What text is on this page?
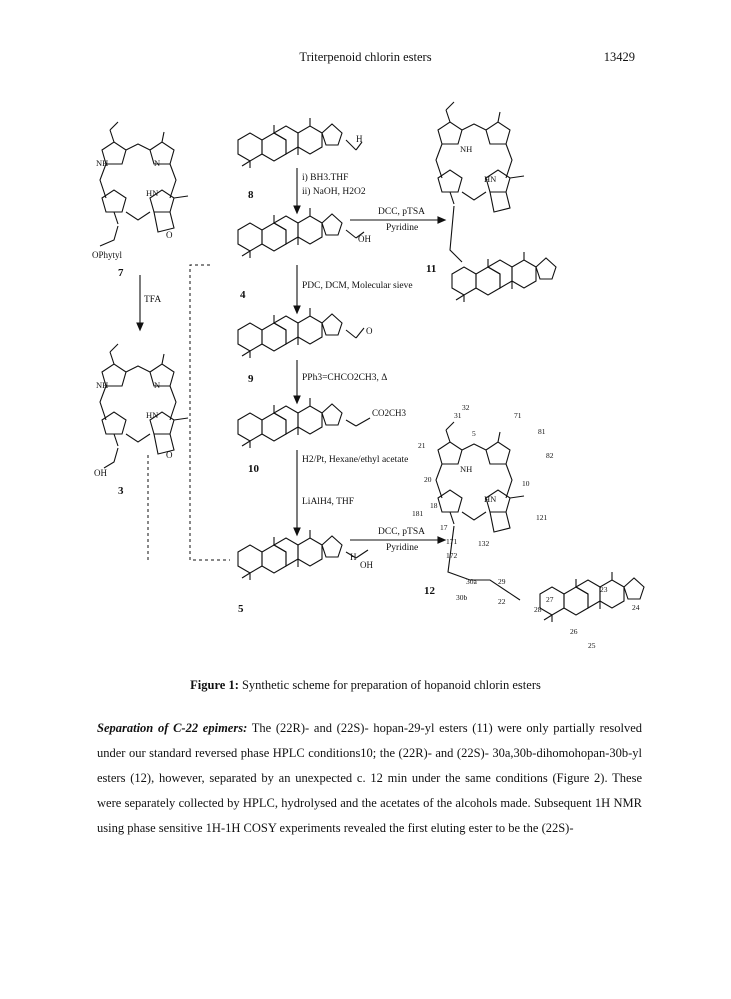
Triterpenoid chlorin esters	13429
8
4
9
10
5
7
3
11
12
i) BH3.THF
ii) NaOH, H2O2
PDC, DCM, Molecular sieve
PPh3=CHCO2CH3, Δ
H2/Pt, Hexane/ethyl acetate
LiAlH4, THF
TFA
DCC, pTSA
Pyridine
DCC, pTSA
Pyridine
OPhytyl
OH
OH
OH
O
CO2CH3
H
H
O
O
NH
NH
NH
NH
N
N
HN
HN
HN
HN
31
32
5
71
81
82
21
20	10
181
18
17
171
121
132
172
30a
30b
29
22	27
28
23
24
26
25
Figure 1: Synthetic scheme for preparation of hopanoid chlorin esters
Separation of C-22 epimers: The (22R)- and (22S)- hopan-29-yl esters (11) were only partially resolved under our standard reversed phase HPLC conditions10; the (22R)- and (22S)- 30a,30b-dihomohopan-30b-yl esters (12), however, separated by an unexpected c. 12 min under the same conditions (Figure 2). These were separately collected by HPLC, hydrolysed and the acetates of the alcohols made. Subsequent 1H NMR using phase sensitive 1H-1H COSY experiments revealed the first eluting ester to be the (22S)-
